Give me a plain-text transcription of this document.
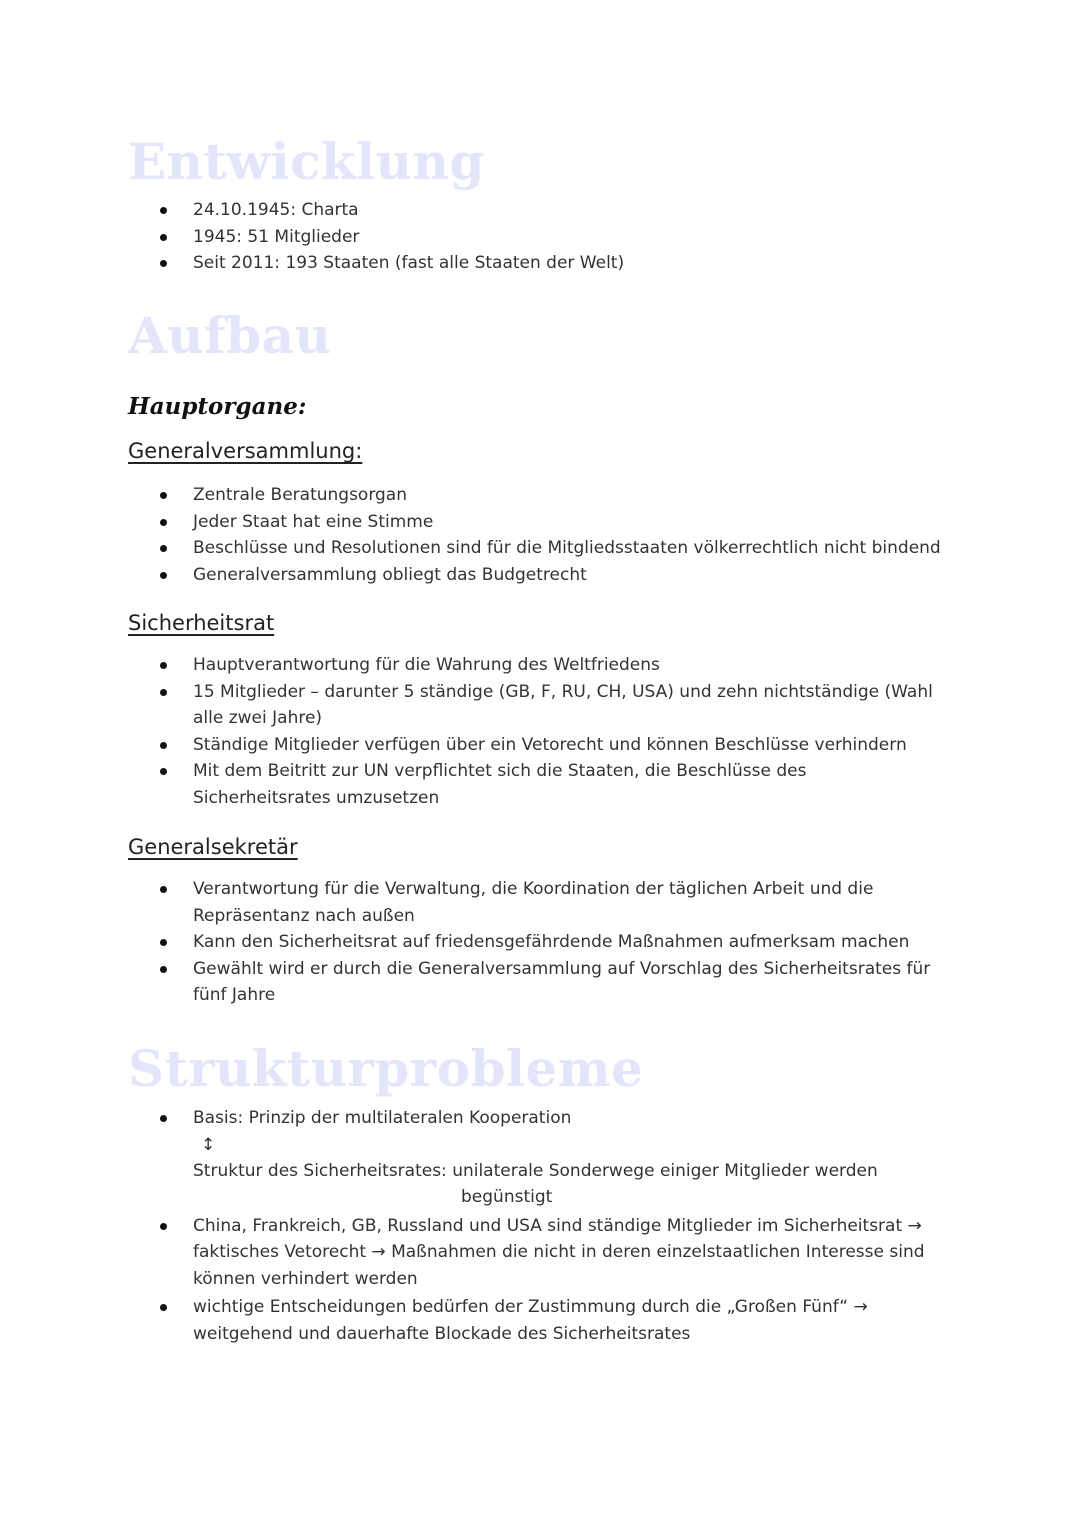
Entwicklung
24.10.1945: Charta
1945: 51 Mitglieder
Seit 2011: 193 Staaten (fast alle Staaten der Welt)
Aufbau
Hauptorgane:
Generalversammlung:
Zentrale Beratungsorgan
Jeder Staat hat eine Stimme
Beschlüsse und Resolutionen sind für die Mitgliedsstaaten völkerrechtlich nicht bindend
Generalversammlung obliegt das Budgetrecht
Sicherheitsrat
Hauptverantwortung für die Wahrung des Weltfriedens
15 Mitglieder – darunter 5 ständige (GB, F, RU, CH, USA) und zehn nichtständige (Wahl
alle zwei Jahre)
Ständige Mitglieder verfügen über ein Vetorecht und können Beschlüsse verhindern
Mit dem Beitritt zur UN verpflichtet sich die Staaten, die Beschlüsse des
Sicherheitsrates umzusetzen
Generalsekretär
Verantwortung für die Verwaltung, die Koordination der täglichen Arbeit und die
Repräsentanz nach außen
Kann den Sicherheitsrat auf friedensgefährdende Maßnahmen aufmerksam machen
Gewählt wird er durch die Generalversammlung auf Vorschlag des Sicherheitsrates für
fünf Jahre
Strukturprobleme
Basis: Prinzip der multilateralen Kooperation
↕
Struktur des Sicherheitsrates: unilaterale Sonderwege einiger Mitglieder werden
begünstigt
China, Frankreich, GB, Russland und USA sind ständige Mitglieder im Sicherheitsrat →
faktisches Vetorecht → Maßnahmen die nicht in deren einzelstaatlichen Interesse sind
können verhindert werden
wichtige Entscheidungen bedürfen der Zustimmung durch die „Großen Fünf“ →
weitgehend und dauerhafte Blockade des Sicherheitsrates
